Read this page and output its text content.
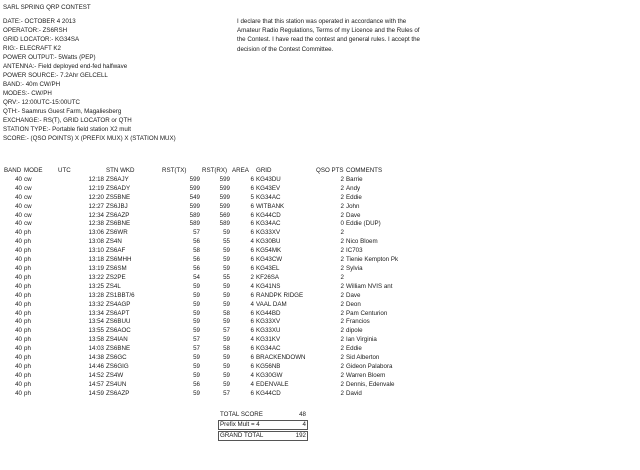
SARL SPRING QRP CONTEST
DATE:- OCTOBER 4 2013
OPERATOR:- ZS6RSH
GRID LOCATOR:- KG34SA
RIG:- ELECRAFT K2
POWER OUTPUT:- 5Watts (PEP)
ANTENNA:- Field deployed end-fed halfwave
POWER SOURCE:- 7.2Ahr GELCELL
BAND:- 40m CW/PH
MODES:- CW/PH
QRV:- 12:00UTC-15:00UTC
QTH:- Saamrus Guest Farm, Magaliesberg
EXCHANGE:- RS(T), GRID LOCATOR or QTH
STATION TYPE:- Portable field station X2 mult
SCORE:- (QSO POINTS) X (PREFIX MUX) X (STATION MUX)
I declare that this station was operated in accordance with the
Amateur Radio Regulations, Terms of my Licence and the Rules of
the Contest. I have read the contest and general rules. I accept the
decision of the Contest Committee.
BAND	MODE	UTC	STN WKD	RST(TX)	RST(RX)	AREA	GRID	QSO PTS	COMMENTS
40	cw	12:18	ZS6AJY	599	599	6	KG43DU	2	Barrie
40	cw	12:19	ZS6ADY	599	599	6	KG43EV	2	Andy
40	cw	12:20	ZS5BNE	549	599	5	KG34AC	2	Eddie
40	cw	12:27	ZS6JBJ	599	599	6	WITBANK	2	John
40	cw	12:34	ZS6AZP	589	569	6	KG44CD	2	Dave
40	cw	12:38	ZS6BNE	589	589	6	KG34AC	0	Eddie (DUP)
40	ph	13:06	ZS6WR	57	59	6	KG33XV	2	
40	ph	13:08	ZS4N	56	55	4	KG30BU	2	Nico Bloem
40	ph	13:10	ZS6AF	58	59	6	KG54MK	2	IC703
40	ph	13:18	ZS6MHH	56	59	6	KG43CW	2	Tienie Kempton Pk
40	ph	13:19	ZS6SM	56	59	6	KG43EL	2	Sylvia
40	ph	13:22	ZS2PE	54	55	2	KF26SA	2	
40	ph	13:25	ZS4L	59	59	4	KG41NS	2	William NVIS ant
40	ph	13:28	ZS1BBT/6	59	59	6	RANDPK RIDGE	2	Dave
40	ph	13:32	ZS4AGP	59	59	4	VAAL DAM	2	Deon
40	ph	13:34	ZS6APT	59	58	6	KG44BD	2	Pam Centurion
40	ph	13:54	ZS6BUU	59	59	6	KG33XV	2	Francios
40	ph	13:55	ZS6AOC	59	57	6	KG33XU	2	dipole
40	ph	13:58	ZS4IAN	57	59	4	KG31KV	2	Ian Virginia
40	ph	14:03	ZS6BNE	57	58	6	KG34AC	2	Eddie
40	ph	14:38	ZS6GC	59	59	6	BRACKENDOWN	2	Sid Alberton
40	ph	14:46	ZS6GIG	59	59	6	KG56NB	2	Gideon Palabora
40	ph	14:52	ZS4W	59	59	4	KG30GW	2	Warren Bloem
40	ph	14:57	ZS4UN	56	59	4	EDENVALE	2	Dennis, Edenvale
40	ph	14:59	ZS6AZP	59	57	6	KG44CD	2	David
TOTAL SCORE	48
Prefix Mult = 4	4
GRAND TOTAL	192
